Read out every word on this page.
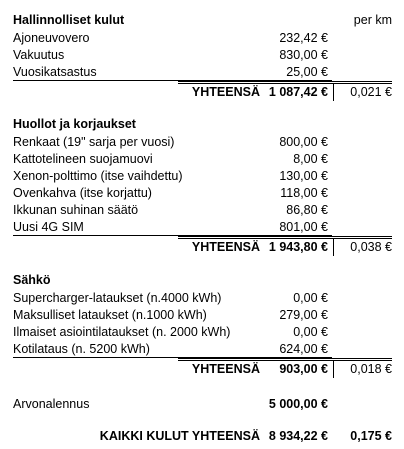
Hallinnolliset kulut	per km
Ajoneuvovero	232,42 €
Vakuutus	830,00 €
Vuosikatsastus	25,00 €
YHTEENSÄ 1 087,42 €	0,021 €
Huollot ja korjaukset
Renkaat (19" sarja per vuosi)	800,00 €
Kattotelineen suojamuovi	8,00 €
Xenon-polttimo (itse vaihdettu)	130,00 €
Ovenkahva (itse korjattu)	118,00 €
Ikkunan suhinan säätö	86,80 €
Uusi 4G SIM	801,00 €
YHTEENSÄ 1 943,80 €	0,038 €
Sähkö
Supercharger-lataukset (n.4000 kWh)	0,00 €
Maksulliset lataukset (n.1000 kWh)	279,00 €
Ilmaiset asiointilataukset (n. 2000 kWh)	0,00 €
Kotilataus (n. 5200 kWh)	624,00 €
YHTEENSÄ	903,00 €	0,018 €
Arvonalennus	5 000,00 €
KAIKKI KULUT YHTEENSÄ 8 934,22 €	0,175 €
